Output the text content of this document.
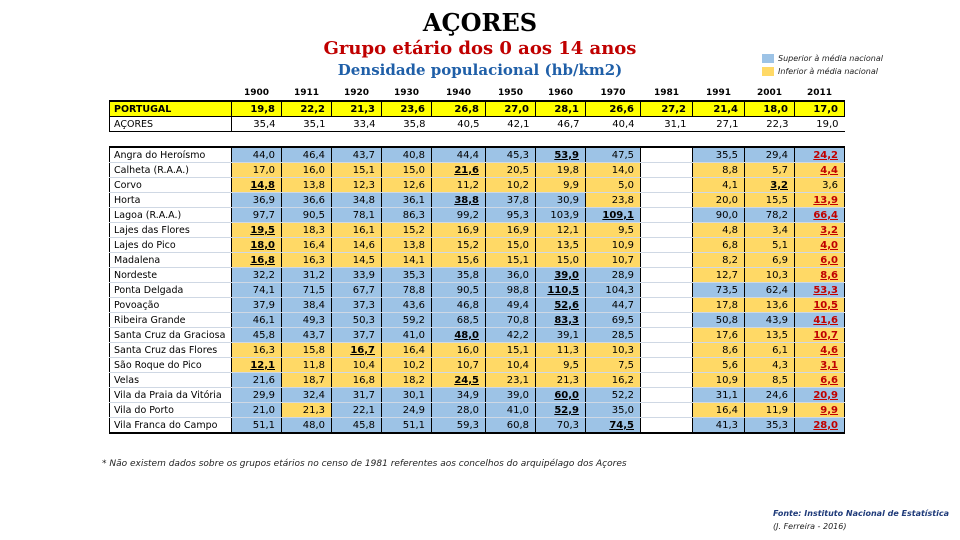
AÇORES
Grupo etário dos 0 aos 14 anos
Densidade populacional (hb/km2)
Superior à média nacional
Inferior à média nacional
	1900	1911	1920	1930	1940	1950	1960	1970	1981	1991	2001	2011
PORTUGAL	19,8	22,2	21,3	23,6	26,8	27,0	28,1	26,6	27,2	21,4	18,0	17,0
AÇORES	35,4	35,1	33,4	35,8	40,5	42,1	46,7	40,4	31,1	27,1	22,3	19,0

Angra do Heroísmo	44,0	46,4	43,7	40,8	44,4	45,3	53,9	47,5		35,5	29,4	24,2
Calheta (R.A.A.)	17,0	16,0	15,1	15,0	21,6	20,5	19,8	14,0		8,8	5,7	4,4
Corvo	14,8	13,8	12,3	12,6	11,2	10,2	9,9	5,0		4,1	3,2	3,6
Horta	36,9	36,6	34,8	36,1	38,8	37,8	30,9	23,8		20,0	15,5	13,9
Lagoa (R.A.A.)	97,7	90,5	78,1	86,3	99,2	95,3	103,9	109,1		90,0	78,2	66,4
Lajes das Flores	19,5	18,3	16,1	15,2	16,9	16,9	12,1	9,5		4,8	3,4	3,2
Lajes do Pico	18,0	16,4	14,6	13,8	15,2	15,0	13,5	10,9		6,8	5,1	4,0
Madalena	16,8	16,3	14,5	14,1	15,6	15,1	15,0	10,7		8,2	6,9	6,0
Nordeste	32,2	31,2	33,9	35,3	35,8	36,0	39,0	28,9		12,7	10,3	8,6
Ponta Delgada	74,1	71,5	67,7	78,8	90,5	98,8	110,5	104,3		73,5	62,4	53,3
Povoação	37,9	38,4	37,3	43,6	46,8	49,4	52,6	44,7		17,8	13,6	10,5
Ribeira Grande	46,1	49,3	50,3	59,2	68,5	70,8	83,3	69,5		50,8	43,9	41,6
Santa Cruz da Graciosa	45,8	43,7	37,7	41,0	48,0	42,2	39,1	28,5		17,6	13,5	10,7
Santa Cruz das Flores	16,3	15,8	16,7	16,4	16,0	15,1	11,3	10,3		8,6	6,1	4,6
São Roque do Pico	12,1	11,8	10,4	10,2	10,7	10,4	9,5	7,5		5,6	4,3	3,1
Velas	21,6	18,7	16,8	18,2	24,5	23,1	21,3	16,2		10,9	8,5	6,6
Vila da Praia da Vitória	29,9	32,4	31,7	30,1	34,9	39,0	60,0	52,2		31,1	24,6	20,9
Vila do Porto	21,0	21,3	22,1	24,9	28,0	41,0	52,9	35,0		16,4	11,9	9,9
Vila Franca do Campo	51,1	48,0	45,8	51,1	59,3	60,8	70,3	74,5		41,3	35,3	28,0
* Não existem dados sobre os grupos etários no censo de 1981 referentes aos concelhos do arquipélago dos Açores
Fonte: Instituto Nacional de Estatística
(J. Ferreira - 2016)
